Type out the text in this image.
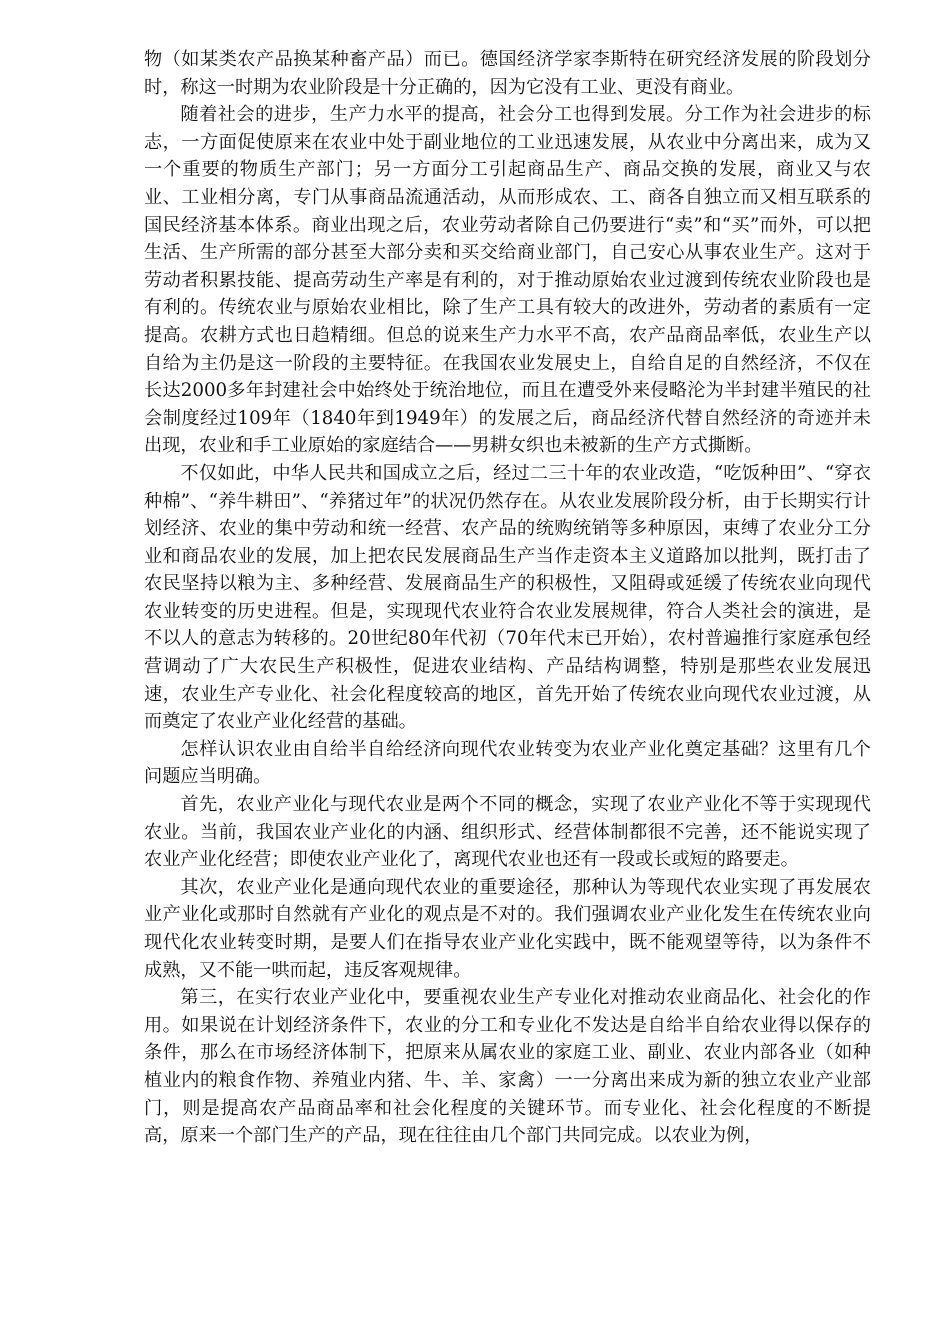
物（如某类农产品换某种畜产品）而已。德国经济学家李斯特在研究经济发展的阶段划分时，称这一时期为农业阶段是十分正确的，因为它没有工业、更没有商业。

随着社会的进步，生产力水平的提高，社会分工也得到发展。分工作为社会进步的标志，一方面促使原来在农业中处于副业地位的工业迅速发展，从农业中分离出来，成为又一个重要的物质生产部门；另一方面分工引起商品生产、商品交换的发展，商业又与农业、工业相分离，专门从事商品流通活动，从而形成农、工、商各自独立而又相互联系的国民经济基本体系。商业出现之后，农业劳动者除自己仍要进行“卖”和“买”而外，可以把生活、生产所需的部分甚至大部分卖和买交给商业部门，自己安心从事农业生产。这对于劳动者积累技能、提高劳动生产率是有利的，对于推动原始农业过渡到传统农业阶段也是有利的。传统农业与原始农业相比，除了生产工具有较大的改进外，劳动者的素质有一定提高。农耕方式也日趋精细。但总的说来生产力水平不高，农产品商品率低，农业生产以自给为主仍是这一阶段的主要特征。在我国农业发展史上，自给自足的自然经济，不仅在长达2000多年封建社会中始终处于统治地位，而且在遭受外来侵略沦为半封建半殖民的社会制度经过109年（1840年到1949年）的发展之后，商品经济代替自然经济的奇迹并未出现，农业和手工业原始的家庭结合——男耕女织也未被新的生产方式撕断。

不仅如此，中华人民共和国成立之后，经过二三十年的农业改造，“吃饭种田”、“穿衣种棉”、“养牛耕田”、“养猪过年”的状况仍然存在。从农业发展阶段分析，由于长期实行计划经济、农业的集中劳动和统一经营、农产品的统购统销等多种原因，束缚了农业分工分业和商品农业的发展，加上把农民发展商品生产当作走资本主义道路加以批判，既打击了农民坚持以粮为主、多种经营、发展商品生产的积极性，又阻碍或延缓了传统农业向现代农业转变的历史进程。但是，实现现代农业符合农业发展规律，符合人类社会的演进，是不以人的意志为转移的。20世纪80年代初（70年代末已开始），农村普遍推行家庭承包经营调动了广大农民生产积极性，促进农业结构、产品结构调整，特别是那些农业发展迅速，农业生产专业化、社会化程度较高的地区，首先开始了传统农业向现代农业过渡，从而奠定了农业产业化经营的基础。

怎样认识农业由自给半自给经济向现代农业转变为农业产业化奠定基础？这里有几个问题应当明确。

首先，农业产业化与现代农业是两个不同的概念，实现了农业产业化不等于实现现代农业。当前，我国农业产业化的内涵、组织形式、经营体制都很不完善，还不能说实现了农业产业化经营；即使农业产业化了，离现代农业也还有一段或长或短的路要走。

其次，农业产业化是通向现代农业的重要途径，那种认为等现代农业实现了再发展农业产业化或那时自然就有产业化的观点是不对的。我们强调农业产业化发生在传统农业向现代化农业转变时期，是要人们在指导农业产业化实践中，既不能观望等待，以为条件不成熟，又不能一哄而起，违反客观规律。

第三，在实行农业产业化中，要重视农业生产专业化对推动农业商品化、社会化的作用。如果说在计划经济条件下，农业的分工和专业化不发达是自给半自给农业得以保存的条件，那么在市场经济体制下，把原来从属农业的家庭工业、副业、农业内部各业（如种植业内的粮食作物、养殖业内猪、牛、羊、家禽）一一分离出来成为新的独立农业产业部门，则是提高农产品商品率和社会化程度的关键环节。而专业化、社会化程度的不断提高，原来一个部门生产的产品，现在往往由几个部门共同完成。以农业为例，
